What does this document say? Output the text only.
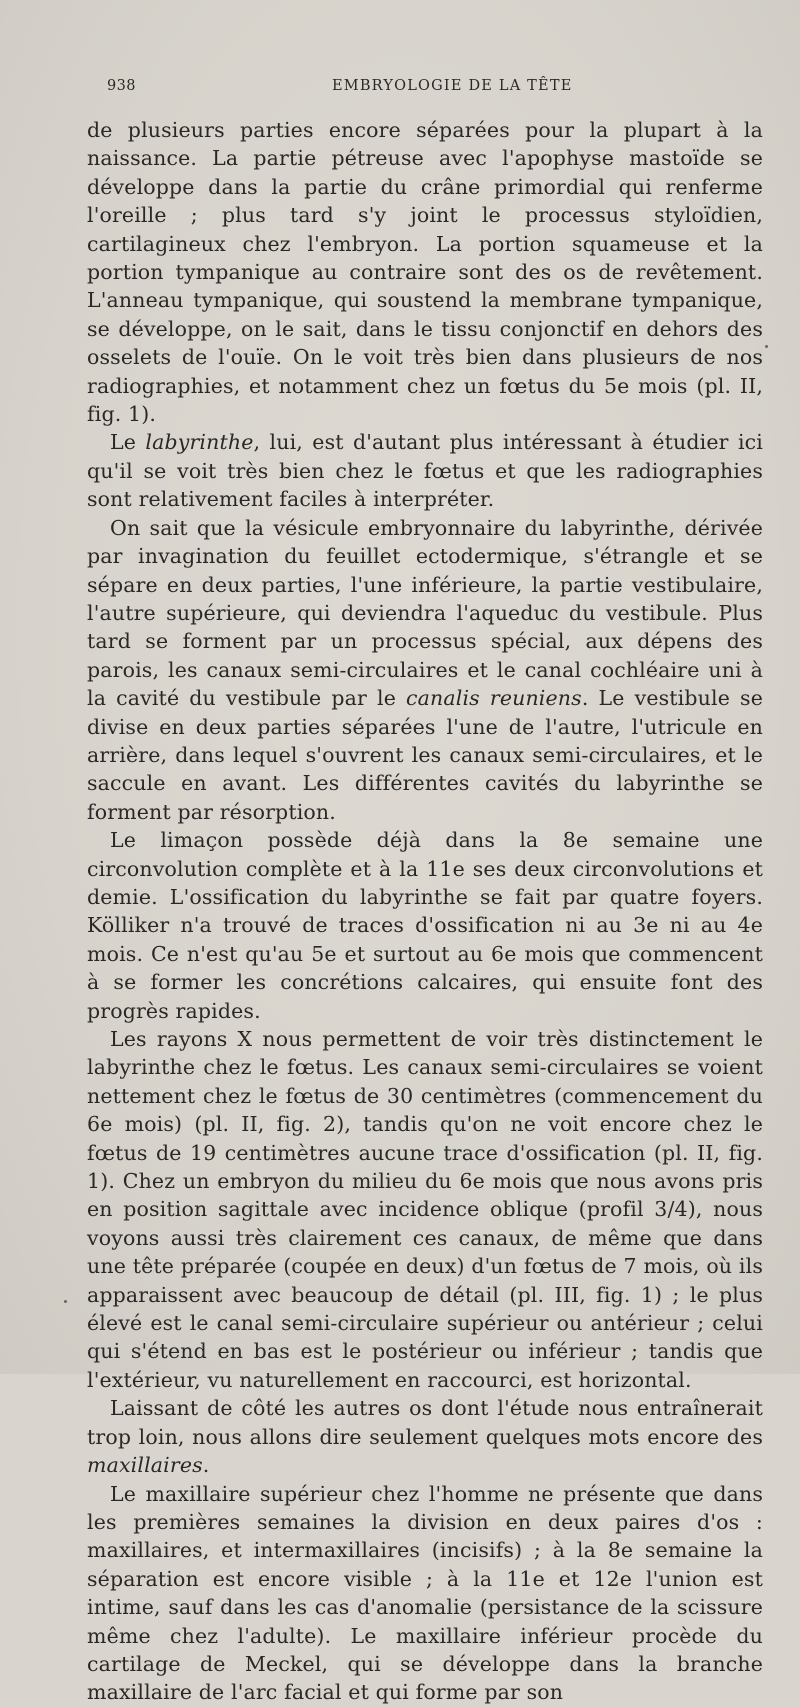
938	EMBRYOLOGIE DE LA TÊTE

de plusieurs parties encore séparées pour la plupart à la naissance. La partie pétreuse avec l'apophyse mastoïde se développe dans la partie du crâne primordial qui renferme l'oreille ; plus tard s'y joint le processus styloïdien, cartilagineux chez l'embryon. La portion squameuse et la portion tympanique au contraire sont des os de revêtement. L'anneau tympanique, qui soustend la membrane tympanique, se développe, on le sait, dans le tissu conjonctif en dehors des osselets de l'ouïe. On le voit très bien dans plusieurs de nos radiographies, et notamment chez un fœtus du 5e mois (pl. II, fig. 1).

Le labyrinthe, lui, est d'autant plus intéressant à étudier ici qu'il se voit très bien chez le fœtus et que les radiographies sont relativement faciles à interpréter.

On sait que la vésicule embryonnaire du labyrinthe, dérivée par invagination du feuillet ectodermique, s'étrangle et se sépare en deux parties, l'une inférieure, la partie vestibulaire, l'autre supérieure, qui deviendra l'aqueduc du vestibule. Plus tard se forment par un processus spécial, aux dépens des parois, les canaux semi-circulaires et le canal cochléaire uni à la cavité du vestibule par le canalis reuniens. Le vestibule se divise en deux parties séparées l'une de l'autre, l'utricule en arrière, dans lequel s'ouvrent les canaux semi-circulaires, et le saccule en avant. Les différentes cavités du labyrinthe se forment par résorption.

Le limaçon possède déjà dans la 8e semaine une circonvolution complète et à la 11e ses deux circonvolutions et demie. L'ossification du labyrinthe se fait par quatre foyers. Kölliker n'a trouvé de traces d'ossification ni au 3e ni au 4e mois. Ce n'est qu'au 5e et surtout au 6e mois que commencent à se former les concrétions calcaires, qui ensuite font des progrès rapides.

Les rayons X nous permettent de voir très distinctement le labyrinthe chez le fœtus. Les canaux semi-circulaires se voient nettement chez le fœtus de 30 centimètres (commencement du 6e mois) (pl. II, fig. 2), tandis qu'on ne voit encore chez le fœtus de 19 centimètres aucune trace d'ossification (pl. II, fig. 1). Chez un embryon du milieu du 6e mois que nous avons pris en position sagittale avec incidence oblique (profil 3/4), nous voyons aussi très clairement ces canaux, de même que dans une tête préparée (coupée en deux) d'un fœtus de 7 mois, où ils apparaissent avec beaucoup de détail (pl. III, fig. 1) ; le plus élevé est le canal semi-circulaire supérieur ou antérieur ; celui qui s'étend en bas est le postérieur ou inférieur ; tandis que l'extérieur, vu naturellement en raccourci, est horizontal.

Laissant de côté les autres os dont l'étude nous entraînerait trop loin, nous allons dire seulement quelques mots encore des maxillaires.

Le maxillaire supérieur chez l'homme ne présente que dans les premières semaines la division en deux paires d'os : maxillaires, et intermaxillaires (incisifs) ; à la 8e semaine la séparation est encore visible ; à la 11e et 12e l'union est intime, sauf dans les cas d'anomalie (persistance de la scissure même chez l'adulte). Le maxillaire inférieur procède du cartilage de Meckel, qui se développe dans la branche maxillaire de l'arc facial et qui forme par son
